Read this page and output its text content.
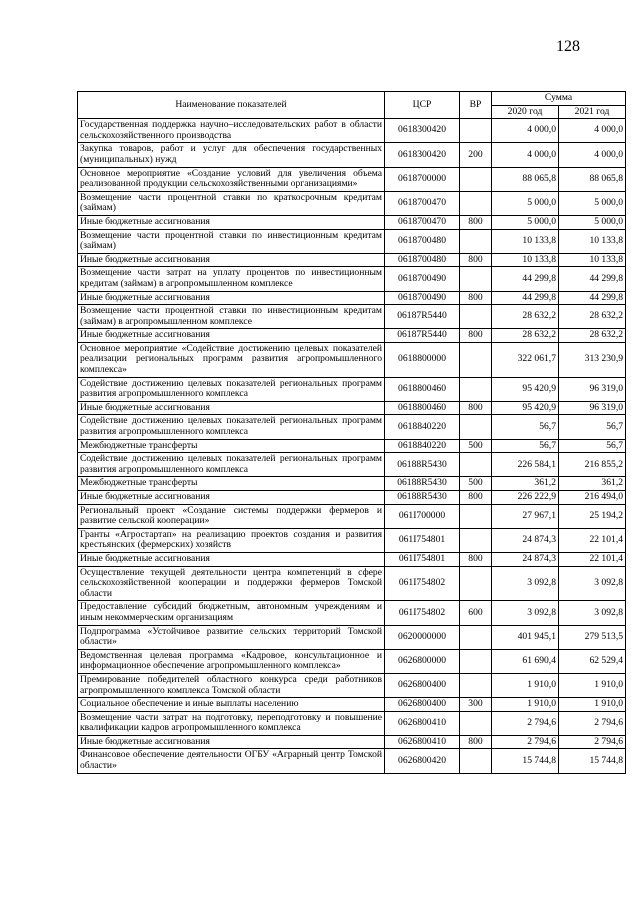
128
Наименование показателей	ЦСР	ВР	Сумма	
			2020 год	2021 год
Государственная поддержка научно–исследовательских работ в области сельскохозяйственного производства	0618300420		4 000,0	4 000,0
Закупка товаров, работ и услуг для обеспечения государственных (муниципальных) нужд	0618300420	200	4 000,0	4 000,0
Основное мероприятие «Создание условий для увеличения объема реализованной продукции сельскохозяйственными организациями»	0618700000		88 065,8	88 065,8
Возмещение части процентной ставки по краткосрочным кредитам (займам)	0618700470		5 000,0	5 000,0
Иные бюджетные ассигнования	0618700470	800	5 000,0	5 000,0
Возмещение части процентной ставки по инвестиционным кредитам (займам)	0618700480		10 133,8	10 133,8
Иные бюджетные ассигнования	0618700480	800	10 133,8	10 133,8
Возмещение части затрат на уплату процентов по инвестиционным кредитам (займам) в агропромышленном комплексе	0618700490		44 299,8	44 299,8
Иные бюджетные ассигнования	0618700490	800	44 299,8	44 299,8
Возмещение части процентной ставки по инвестиционным кредитам (займам) в агропромышленном комплексе	06187R5440		28 632,2	28 632,2
Иные бюджетные ассигнования	06187R5440	800	28 632,2	28 632,2
Основное мероприятие «Содействие достижению целевых показателей реализации региональных программ развития агропромышленного комплекса»	0618800000		322 061,7	313 230,9
Содействие достижению целевых показателей региональных программ развития агропромышленного комплекса	0618800460		95 420,9	96 319,0
Иные бюджетные ассигнования	0618800460	800	95 420,9	96 319,0
Содействие достижению целевых показателей региональных программ развития агропромышленного комплекса	0618840220		56,7	56,7
Межбюджетные трансферты	0618840220	500	56,7	56,7
Содействие достижению целевых показателей региональных программ развития агропромышленного комплекса	06188R5430		226 584,1	216 855,2
Межбюджетные трансферты	06188R5430	500	361,2	361,2
Иные бюджетные ассигнования	06188R5430	800	226 222,9	216 494,0
Региональный проект «Создание системы поддержки фермеров и развитие сельской кооперации»	061I700000		27 967,1	25 194,2
Гранты «Агростартап» на реализацию проектов создания и развития крестьянских (фермерских) хозяйств	061I754801		24 874,3	22 101,4
Иные бюджетные ассигнования	061I754801	800	24 874,3	22 101,4
Осуществление текущей деятельности центра компетенций в сфере сельскохозяйственной кооперации и поддержки фермеров Томской области	061I754802		3 092,8	3 092,8
Предоставление субсидий бюджетным, автономным учреждениям и иным некоммерческим организациям	061I754802	600	3 092,8	3 092,8
Подпрограмма «Устойчивое развитие сельских территорий Томской области»	0620000000		401 945,1	279 513,5
Ведомственная целевая программа «Кадровое, консультационное и информационное обеспечение агропромышленного комплекса»	0626800000		61 690,4	62 529,4
Премирование победителей областного конкурса среди работников агропромышленного комплекса Томской области	0626800400		1 910,0	1 910,0
Социальное обеспечение и иные выплаты населению	0626800400	300	1 910,0	1 910,0
Возмещение части затрат на подготовку, переподготовку и повышение квалификации кадров агропромышленного комплекса	0626800410		2 794,6	2 794,6
Иные бюджетные ассигнования	0626800410	800	2 794,6	2 794,6
Финансовое обеспечение деятельности ОГБУ «Аграрный центр Томской области»	0626800420		15 744,8	15 744,8
